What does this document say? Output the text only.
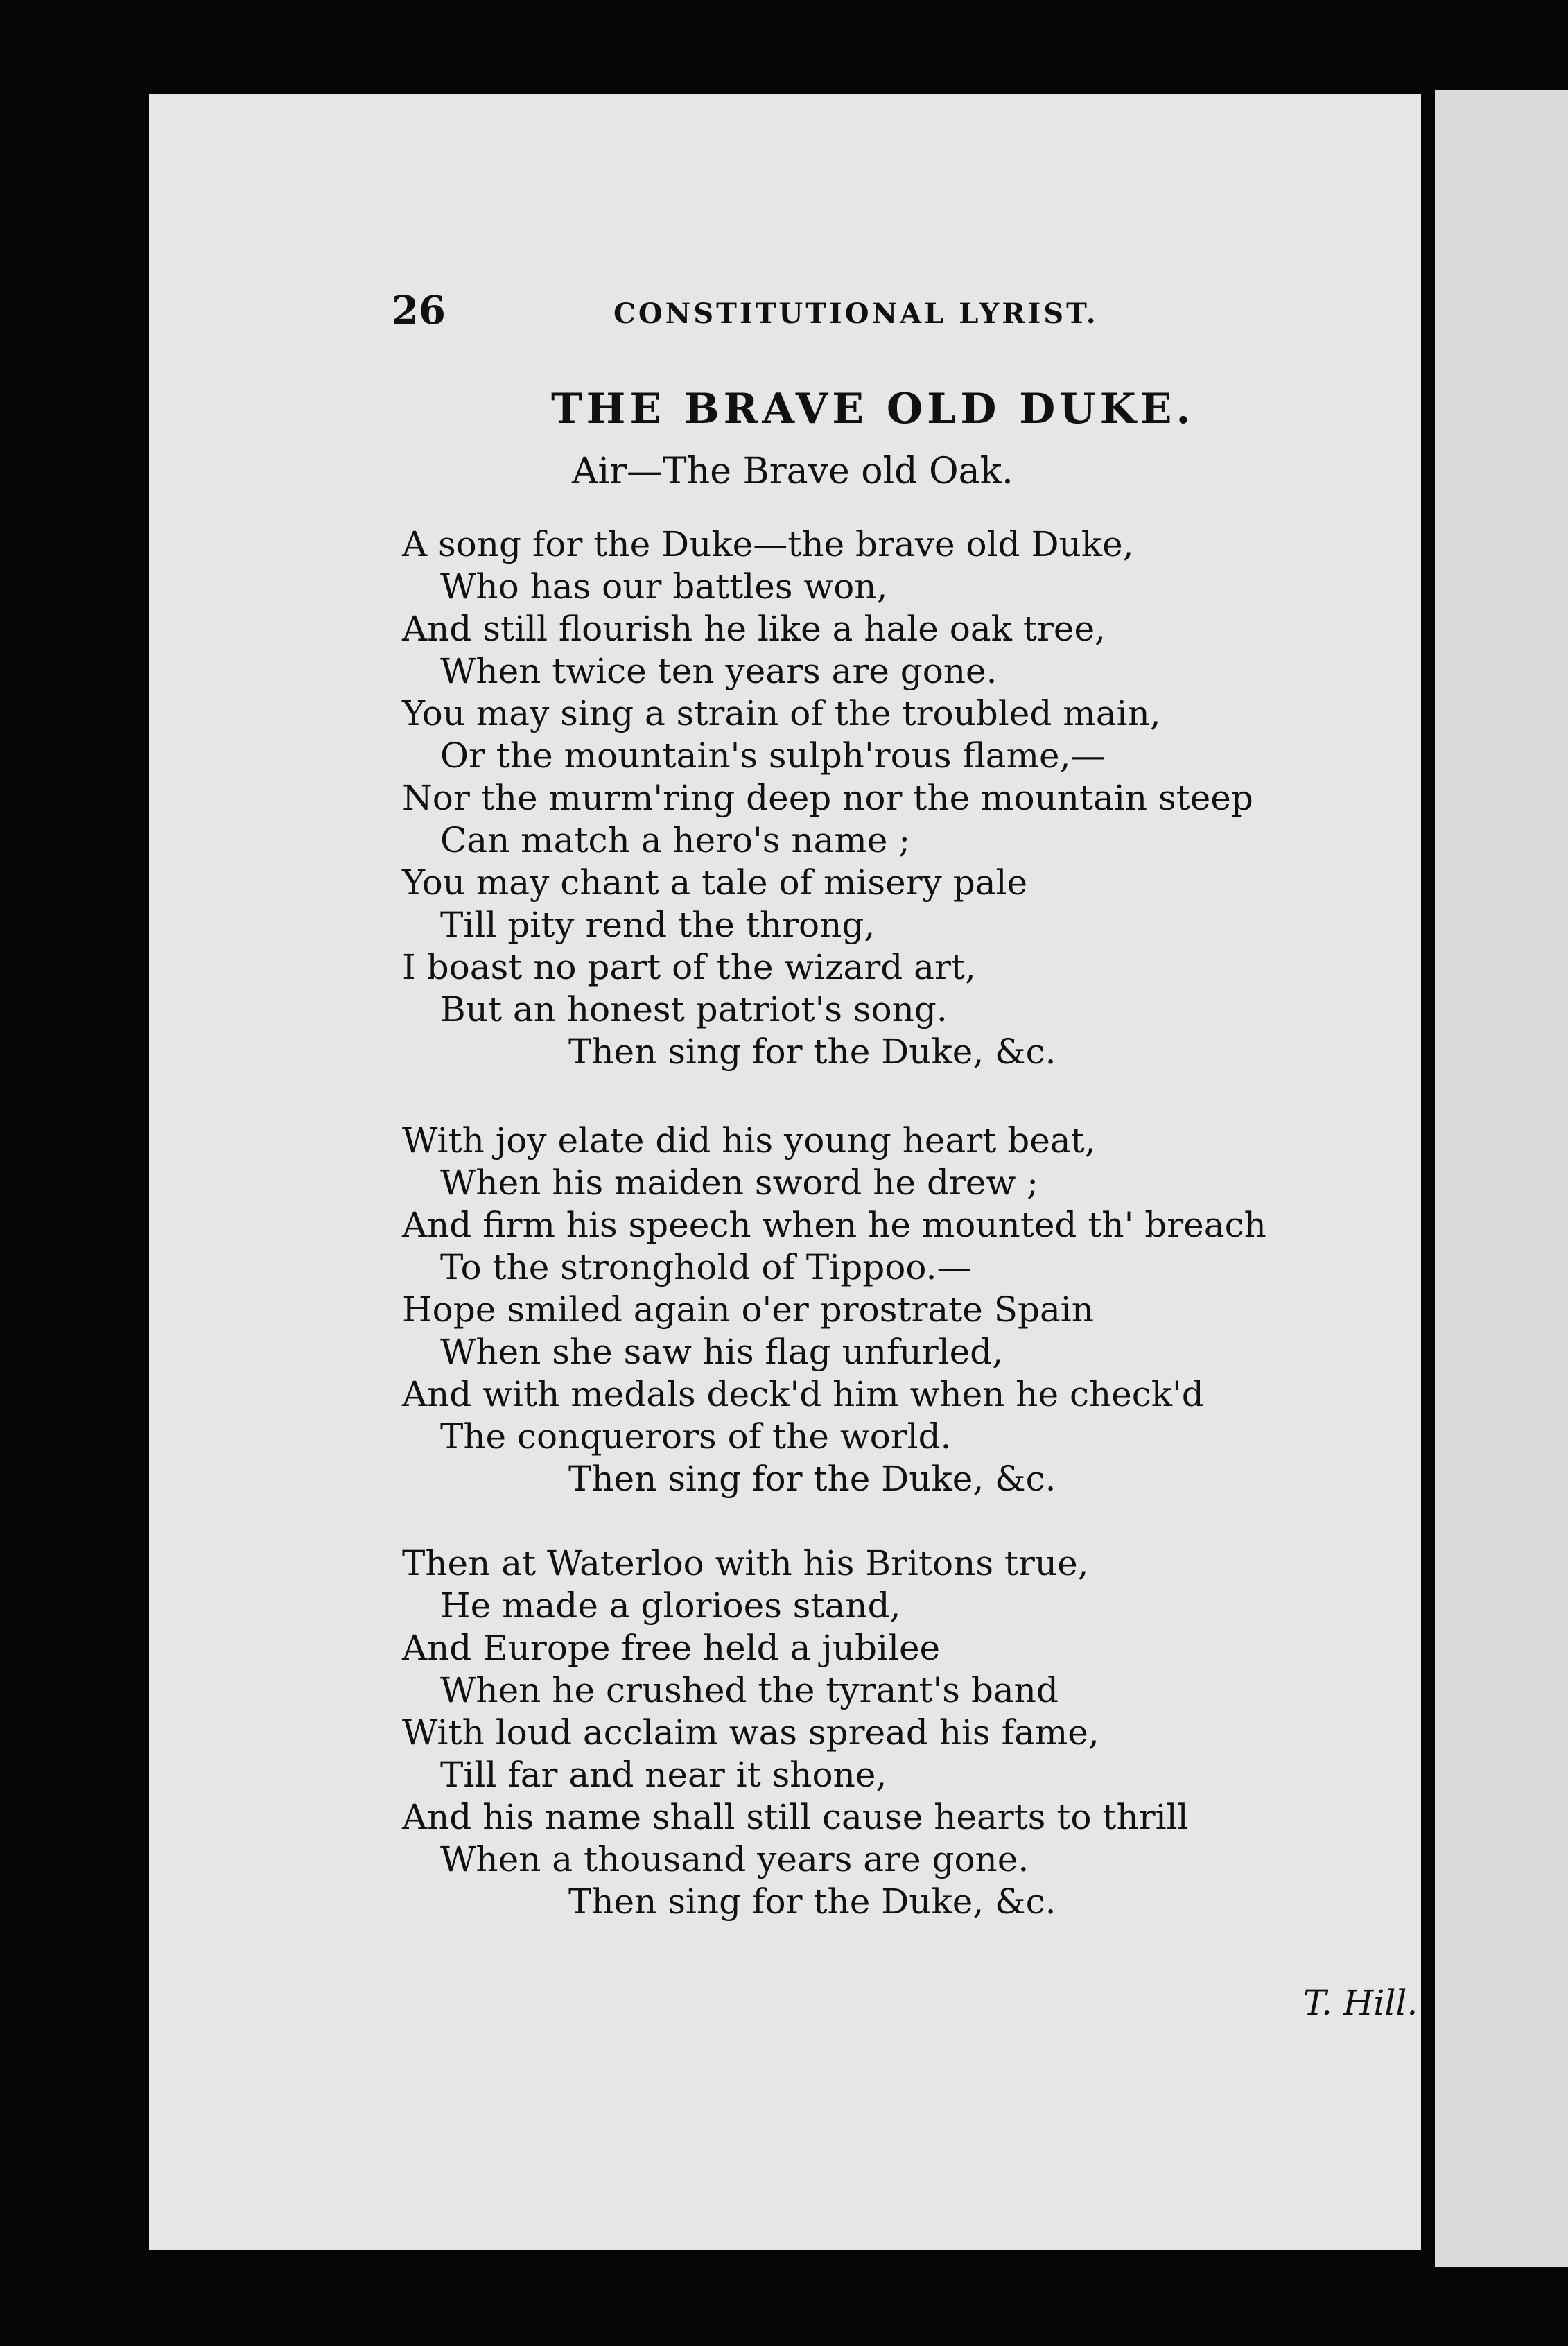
26	CONSTITUTIONAL LYRIST.
THE BRAVE OLD DUKE.
Air—The Brave old Oak.
A song for the Duke—the brave old Duke,
Who has our battles won,
And still flourish he like a hale oak tree,
When twice ten years are gone.
You may sing a strain of the troubled main,
Or the mountain's sulph'rous flame,—
Nor the murm'ring deep nor the mountain steep
Can match a hero's name ;
You may chant a tale of misery pale
Till pity rend the throng,
I boast no part of the wizard art,
But an honest patriot's song.
Then sing for the Duke, &c.
With joy elate did his young heart beat,
When his maiden sword he drew ;
And firm his speech when he mounted th' breach
To the stronghold of Tippoo.—
Hope smiled again o'er prostrate Spain
When she saw his flag unfurled,
And with medals deck'd him when he check'd
The conquerors of the world.
Then sing for the Duke, &c.
Then at Waterloo with his Britons true,
He made a glorioes stand,
And Europe free held a jubilee
When he crushed the tyrant's band
With loud acclaim was spread his fame,
Till far and near it shone,
And his name shall still cause hearts to thrill
When a thousand years are gone.
Then sing for the Duke, &c.
T. Hill.
